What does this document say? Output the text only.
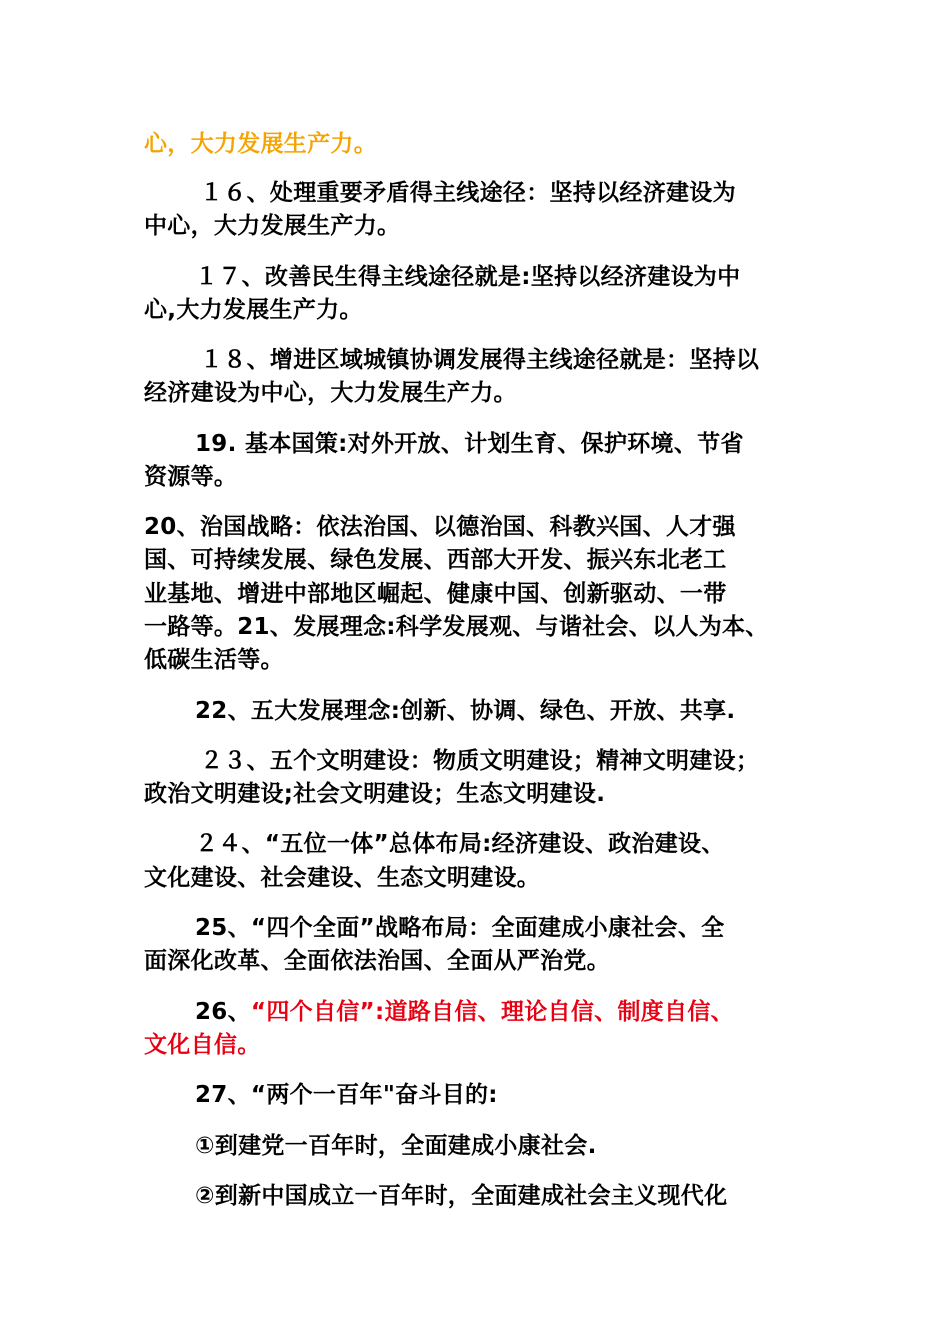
心，大力发展生产力。
１６、处理重要矛盾得主线途径：坚持以经济建设为
中心，大力发展生产力。
１７、改善民生得主线途径就是:坚持以经济建设为中
心,大力发展生产力。
１８、增进区域城镇协调发展得主线途径就是：坚持以
经济建设为中心，大力发展生产力。
19. 基本国策:对外开放、计划生育、保护环境、节省
资源等。
20、治国战略：依法治国、以德治国、科教兴国、人才强
国、可持续发展、绿色发展、西部大开发、振兴东北老工
业基地、增进中部地区崛起、健康中国、创新驱动、一带
一路等。21、发展理念:科学发展观、与谐社会、以人为本、
低碳生活等。
22、五大发展理念:创新、协调、绿色、开放、共享.
２３、五个文明建设：物质文明建设；精神文明建设；
政治文明建设;社会文明建设；生态文明建设.
２４、“五位一体”总体布局:经济建设、政治建设、
文化建设、社会建设、生态文明建设。
25、“四个全面”战略布局：全面建成小康社会、全
面深化改革、全面依法治国、全面从严治党。
26、“四个自信”:道路自信、理论自信、制度自信、
文化自信。
27、“两个一百年"奋斗目的:
①到建党一百年时，全面建成小康社会.
②到新中国成立一百年时，全面建成社会主义现代化
